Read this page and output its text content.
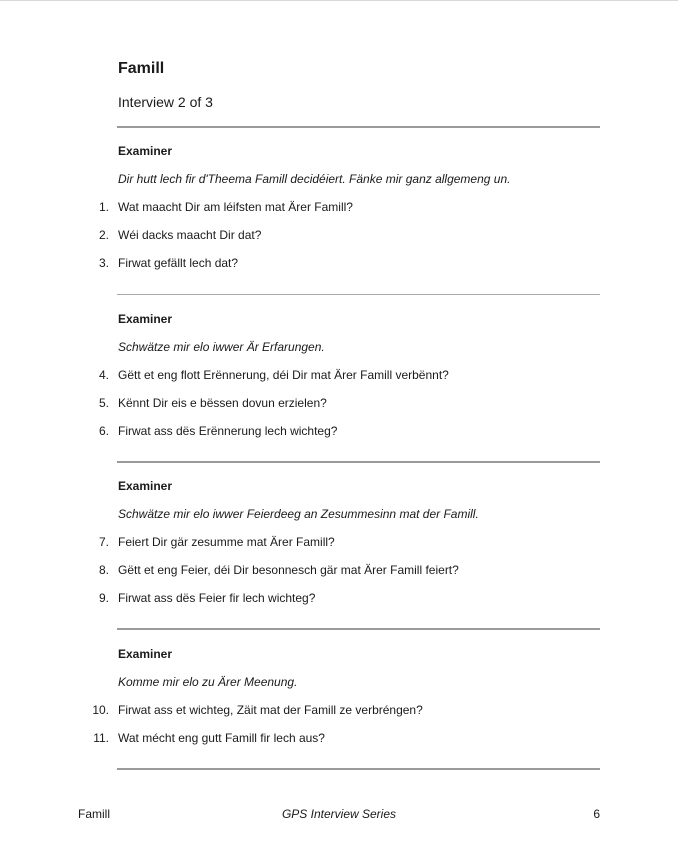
Famill
Interview 2 of 3
Examiner
Dir hutt lech fir d'Theema Famill decidéiert. Fänke mir ganz allgemeng un.
1. Wat maacht Dir am léifsten mat Ärer Famill?
2. Wéi dacks maacht Dir dat?
3. Firwat gefällt lech dat?
Examiner
Schwätze mir elo iwwer Är Erfarungen.
4. Gëtt et eng flott Erënnerung, déi Dir mat Ärer Famill verbënnt?
5. Kënnt Dir eis e bëssen dovun erzielen?
6. Firwat ass dës Erënnerung lech wichteg?
Examiner
Schwätze mir elo iwwer Feierdeeg an Zesummesinn mat der Famill.
7. Feiert Dir gär zesumme mat Ärer Famill?
8. Gëtt et eng Feier, déi Dir besonnesch gär mat Ärer Famill feiert?
9. Firwat ass dës Feier fir lech wichteg?
Examiner
Komme mir elo zu Ärer Meenung.
10. Firwat ass et wichteg, Zäit mat der Famill ze verbréngen?
11. Wat mécht eng gutt Famill fir lech aus?
Famill	GPS Interview Series	6
